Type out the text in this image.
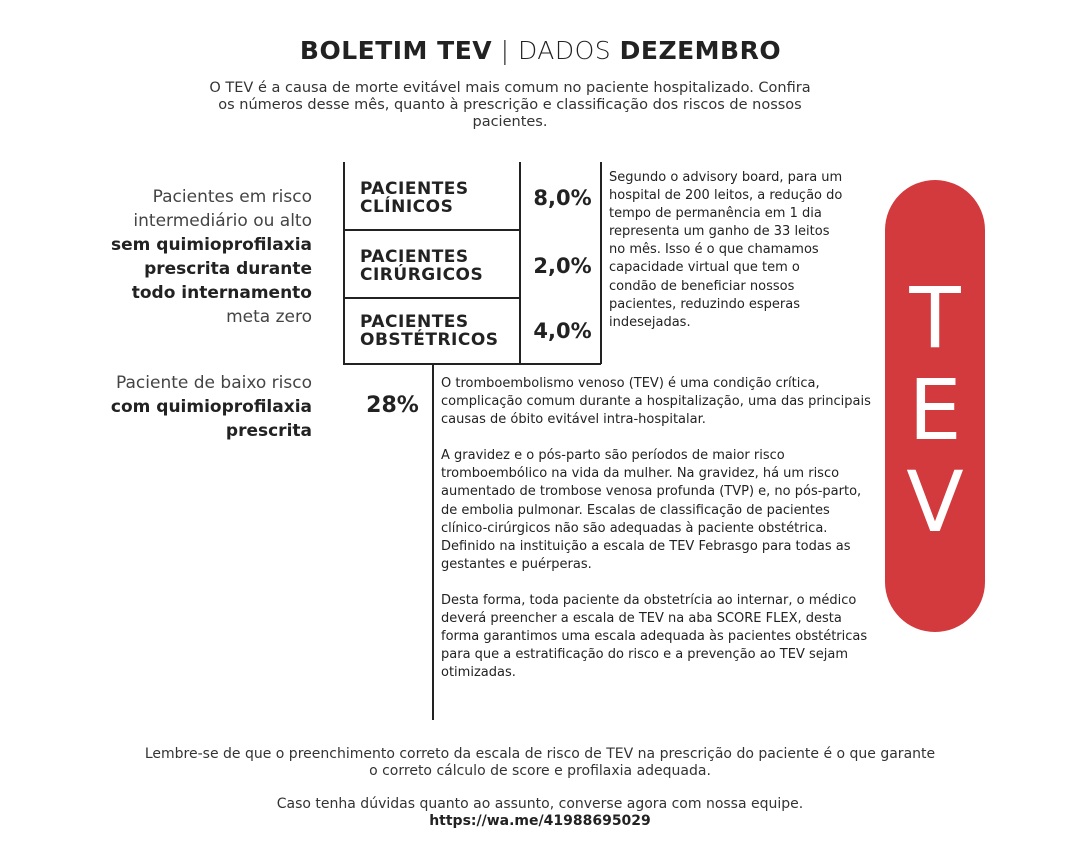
BOLETIM TEV | DADOS DEZEMBRO
O TEV é a causa de morte evitável mais comum no paciente hospitalizado. Confira os números desse mês, quanto à prescrição e classificação dos riscos de nossos pacientes.
Pacientes em risco
intermediário ou alto
sem quimioprofilaxia
prescrita durante
todo internamento
meta zero
Paciente de baixo risco
com quimioprofilaxia
prescrita
PACIENTES
CLÍNICOS	8,0%
PACIENTES
CIRÚRGICOS	2,0%
PACIENTES
OBSTÉTRICOS	4,0%
28%
Segundo o advisory board, para um hospital de 200 leitos, a redução do tempo de permanência em 1 dia representa um ganho de 33 leitos no mês. Isso é o que chamamos capacidade virtual que tem o condão de beneficiar nossos pacientes, reduzindo esperas indesejadas.

O tromboembolismo venoso (TEV) é uma condição crítica, complicação comum durante a hospitalização, uma das principais causas de óbito evitável intra-hospitalar.

A gravidez e o pós-parto são períodos de maior risco tromboembólico na vida da mulher. Na gravidez, há um risco aumentado de trombose venosa profunda (TVP) e, no pós-parto, de embolia pulmonar. Escalas de classificação de pacientes clínico-cirúrgicos não são adequadas à paciente obstétrica. Definido na instituição a escala de TEV Febrasgo para todas as gestantes e puérperas.

Desta forma, toda paciente da obstetrícia ao internar, o médico deverá preencher a escala de TEV na aba SCORE FLEX, desta forma garantimos uma escala adequada às pacientes obstétricas para que a estratificação do risco e a prevenção ao TEV sejam otimizadas.

T
E
V
Lembre-se de que o preenchimento correto da escala de risco de TEV na prescrição do paciente é o que garante o correto cálculo de score e profilaxia adequada.
Caso tenha dúvidas quanto ao assunto, converse agora com nossa equipe.
https://wa.me/41988695029
